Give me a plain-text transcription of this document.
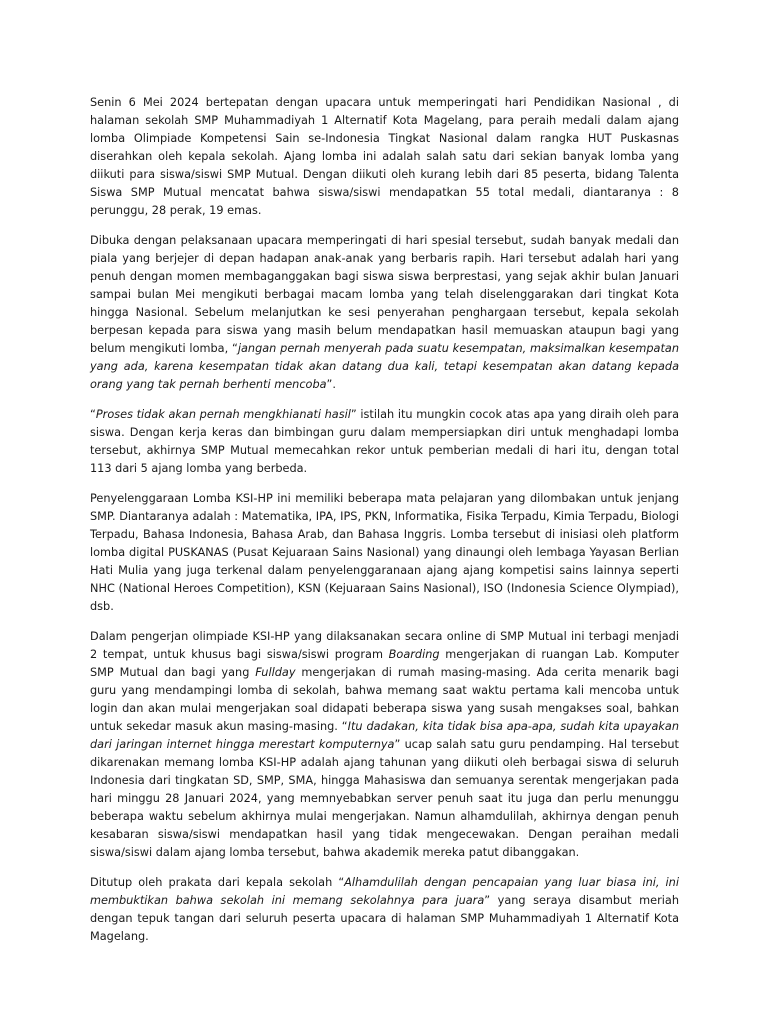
Senin 6 Mei 2024 bertepatan dengan upacara untuk memperingati hari Pendidikan Nasional , di halaman sekolah SMP Muhammadiyah 1 Alternatif Kota Magelang, para peraih medali dalam ajang lomba Olimpiade Kompetensi Sain se-Indonesia Tingkat Nasional dalam rangka HUT Puskasnas diserahkan oleh kepala sekolah. Ajang lomba ini adalah salah satu dari sekian banyak lomba yang diikuti para siswa/siswi SMP Mutual. Dengan diikuti oleh kurang lebih dari 85 peserta, bidang Talenta Siswa SMP Mutual mencatat bahwa siswa/siswi mendapatkan 55 total medali, diantaranya : 8 perunggu, 28 perak, 19 emas.

Dibuka dengan pelaksanaan upacara memperingati di hari spesial tersebut, sudah banyak medali dan piala yang berjejer di depan hadapan anak-anak yang berbaris rapih. Hari tersebut adalah hari yang penuh dengan momen membaganggakan bagi siswa siswa berprestasi, yang sejak akhir bulan Januari sampai bulan Mei mengikuti berbagai macam lomba yang telah diselenggarakan dari tingkat Kota hingga Nasional. Sebelum melanjutkan ke sesi penyerahan penghargaan tersebut, kepala sekolah berpesan kepada para siswa yang masih belum mendapatkan hasil memuaskan ataupun bagi yang belum mengikuti lomba, “jangan pernah menyerah pada suatu kesempatan, maksimalkan kesempatan yang ada, karena kesempatan tidak akan datang dua kali, tetapi kesempatan akan datang kepada orang yang tak pernah berhenti mencoba”.

“Proses tidak akan pernah mengkhianati hasil” istilah itu mungkin cocok atas apa yang diraih oleh para siswa. Dengan kerja keras dan bimbingan guru dalam mempersiapkan diri untuk menghadapi lomba tersebut, akhirnya SMP Mutual memecahkan rekor untuk pemberian medali di hari itu, dengan total 113 dari 5 ajang lomba yang berbeda.

Penyelenggaraan Lomba KSI-HP ini memiliki beberapa mata pelajaran yang dilombakan untuk jenjang SMP. Diantaranya adalah : Matematika, IPA, IPS, PKN, Informatika, Fisika Terpadu, Kimia Terpadu, Biologi Terpadu, Bahasa Indonesia, Bahasa Arab, dan Bahasa Inggris. Lomba tersebut di inisiasi oleh platform lomba digital PUSKANAS (Pusat Kejuaraan Sains Nasional) yang dinaungi oleh lembaga Yayasan Berlian Hati Mulia yang juga terkenal dalam penyelenggaranaan ajang ajang kompetisi sains lainnya seperti NHC (National Heroes Competition), KSN (Kejuaraan Sains Nasional), ISO (Indonesia Science Olympiad), dsb.

Dalam pengerjan olimpiade KSI-HP yang dilaksanakan secara online di SMP Mutual ini terbagi menjadi 2 tempat, untuk khusus bagi siswa/siswi program Boarding mengerjakan di ruangan Lab. Komputer SMP Mutual dan bagi yang Fullday mengerjakan di rumah masing-masing. Ada cerita menarik bagi guru yang mendampingi lomba di sekolah, bahwa memang saat waktu pertama kali mencoba untuk login dan akan mulai mengerjakan soal didapati beberapa siswa yang susah mengakses soal, bahkan untuk sekedar masuk akun masing-masing. “Itu dadakan, kita tidak bisa apa-apa, sudah kita upayakan dari jaringan internet hingga merestart komputernya” ucap salah satu guru pendamping. Hal tersebut dikarenakan memang lomba KSI-HP adalah ajang tahunan yang diikuti oleh berbagai siswa di seluruh Indonesia dari tingkatan SD, SMP, SMA, hingga Mahasiswa dan semuanya serentak mengerjakan pada hari minggu 28 Januari 2024, yang memnyebabkan server penuh saat itu juga dan perlu menunggu beberapa waktu sebelum akhirnya mulai mengerjakan. Namun alhamdulilah, akhirnya dengan penuh kesabaran siswa/siswi mendapatkan hasil yang tidak mengecewakan. Dengan peraihan medali siswa/siswi dalam ajang lomba tersebut, bahwa akademik mereka patut dibanggakan.

Ditutup oleh prakata dari kepala sekolah “Alhamdulilah dengan pencapaian yang luar biasa ini, ini membuktikan bahwa sekolah ini memang sekolahnya para juara” yang seraya disambut meriah dengan tepuk tangan dari seluruh peserta upacara di halaman SMP Muhammadiyah 1 Alternatif Kota Magelang.
